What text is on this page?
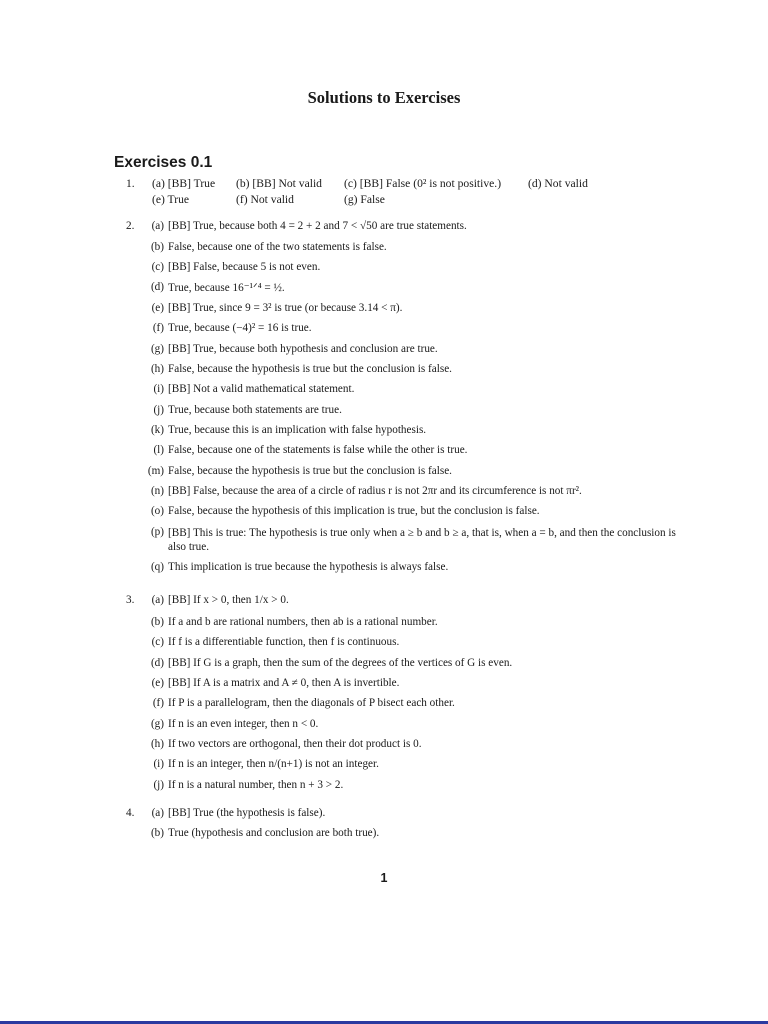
Solutions to Exercises
Exercises 0.1
1. (a) [BB] True (b) [BB] Not valid (c) [BB] False (0² is not positive.) (d) Not valid
(e) True	(f) Not valid	(g) False
2. (a) [BB] True, because both 4 = 2 + 2 and 7 < √50 are true statements.
(b) False, because one of the two statements is false.
(c) [BB] False, because 5 is not even.
(d) True, because 16⁻¹ᐟ⁴ = ½.
(e) [BB] True, since 9 = 3² is true (or because 3.14 < π).
(f) True, because (−4)² = 16 is true.
(g) [BB] True, because both hypothesis and conclusion are true.
(h) False, because the hypothesis is true but the conclusion is false.
(i) [BB] Not a valid mathematical statement.
(j) True, because both statements are true.
(k) True, because this is an implication with false hypothesis.
(l) False, because one of the statements is false while the other is true.
(m) False, because the hypothesis is true but the conclusion is false.
(n) [BB] False, because the area of a circle of radius r is not 2πr and its circumference is not πr².
(o) False, because the hypothesis of this implication is true, but the conclusion is false.
(p) [BB] This is true: The hypothesis is true only when a ≥ b and b ≥ a, that is, when a = b, and then the conclusion is also true.
(q) This implication is true because the hypothesis is always false.
3. (a) [BB] If x > 0, then 1/x > 0.
(b) If a and b are rational numbers, then ab is a rational number.
(c) If f is a differentiable function, then f is continuous.
(d) [BB] If G is a graph, then the sum of the degrees of the vertices of G is even.
(e) [BB] If A is a matrix and A ≠ 0, then A is invertible.
(f) If P is a parallelogram, then the diagonals of P bisect each other.
(g) If n is an even integer, then n < 0.
(h) If two vectors are orthogonal, then their dot product is 0.
(i) If n is an integer, then n/(n+1) is not an integer.
(j) If n is a natural number, then n + 3 > 2.
4. (a) [BB] True (the hypothesis is false).
(b) True (hypothesis and conclusion are both true).
1
